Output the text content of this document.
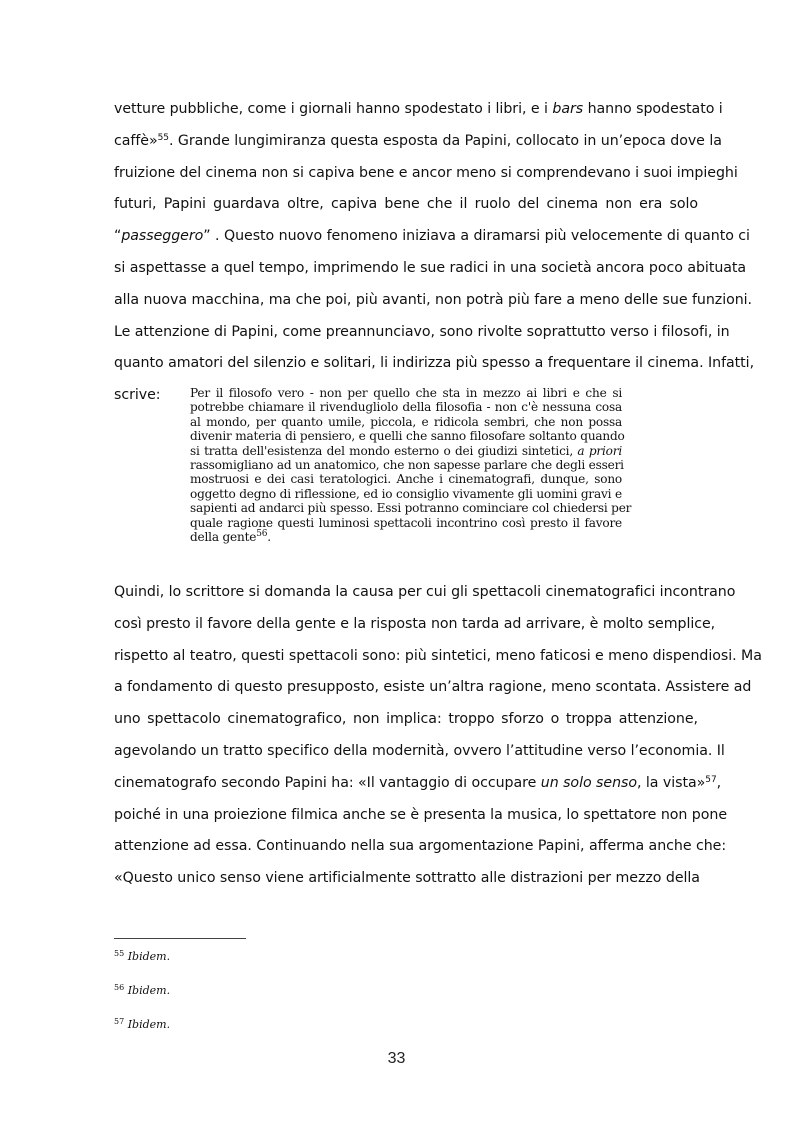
vetture pubbliche, come i giornali hanno spodestato i libri, e i bars hanno spodestato i
caffè»$^{55}$. Grande lungimiranza questa esposta da Papini, collocato in un’epoca dove la
fruizione del cinema non si capiva bene e ancor meno si comprendevano i suoi impieghi
futuri, Papini guardava oltre, capiva bene che il ruolo del cinema non era solo
“passeggero” . Questo nuovo fenomeno iniziava a diramarsi più velocemente di quanto ci
si aspettasse a quel tempo, imprimendo le sue radici in una società ancora poco abituata
alla nuova macchina, ma che poi, più avanti, non potrà più fare a meno delle sue funzioni.
Le attenzione di Papini, come preannunciavo, sono rivolte soprattutto verso i filosofi, in
quanto amatori del silenzio e solitari, li indirizza più spesso a frequentare il cinema. Infatti,
scrive:	Per il filosofo vero - non per quello che sta in mezzo ai libri e che si
potrebbe chiamare il rivendugliolo della filosofia - non c'è nessuna cosa
al mondo, per quanto umile, piccola, e ridicola sembri, che non possa
divenir materia di pensiero, e quelli che sanno filosofare soltanto quando
si tratta dell'esistenza del mondo esterno o dei giudizi sintetici, a priori
rassomigliano ad un anatomico, che non sapesse parlare che degli esseri
mostruosi e dei casi teratologici. Anche i cinematografi, dunque, sono
oggetto degno di riflessione, ed io consiglio vivamente gli uomini gravi e
sapienti ad andarci più spesso. Essi potranno cominciare col chiedersi per
quale ragione questi luminosi spettacoli incontrino così presto il favore
della gente$^{56}$.
Quindi, lo scrittore si domanda la causa per cui gli spettacoli cinematografici incontrano
così presto il favore della gente e la risposta non tarda ad arrivare, è molto semplice,
rispetto al teatro, questi spettacoli sono: più sintetici, meno faticosi e meno dispendiosi. Ma
a fondamento di questo presupposto, esiste un’altra ragione, meno scontata. Assistere ad
uno spettacolo cinematografico, non implica: troppo sforzo o troppa attenzione,
agevolando un tratto specifico della modernità, ovvero l’attitudine verso l’economia. Il
cinematografo secondo Papini ha: «Il vantaggio di occupare un solo senso, la vista»$^{57}$,
poiché in una proiezione filmica anche se è presenta la musica, lo spettatore non pone
attenzione ad essa. Continuando nella sua argomentazione Papini, afferma anche che:
«Questo unico senso viene artificialmente sottratto alle distrazioni per mezzo della
$^{55}$ Ibidem.
$^{56}$ Ibidem.
$^{57}$ Ibidem.
33
